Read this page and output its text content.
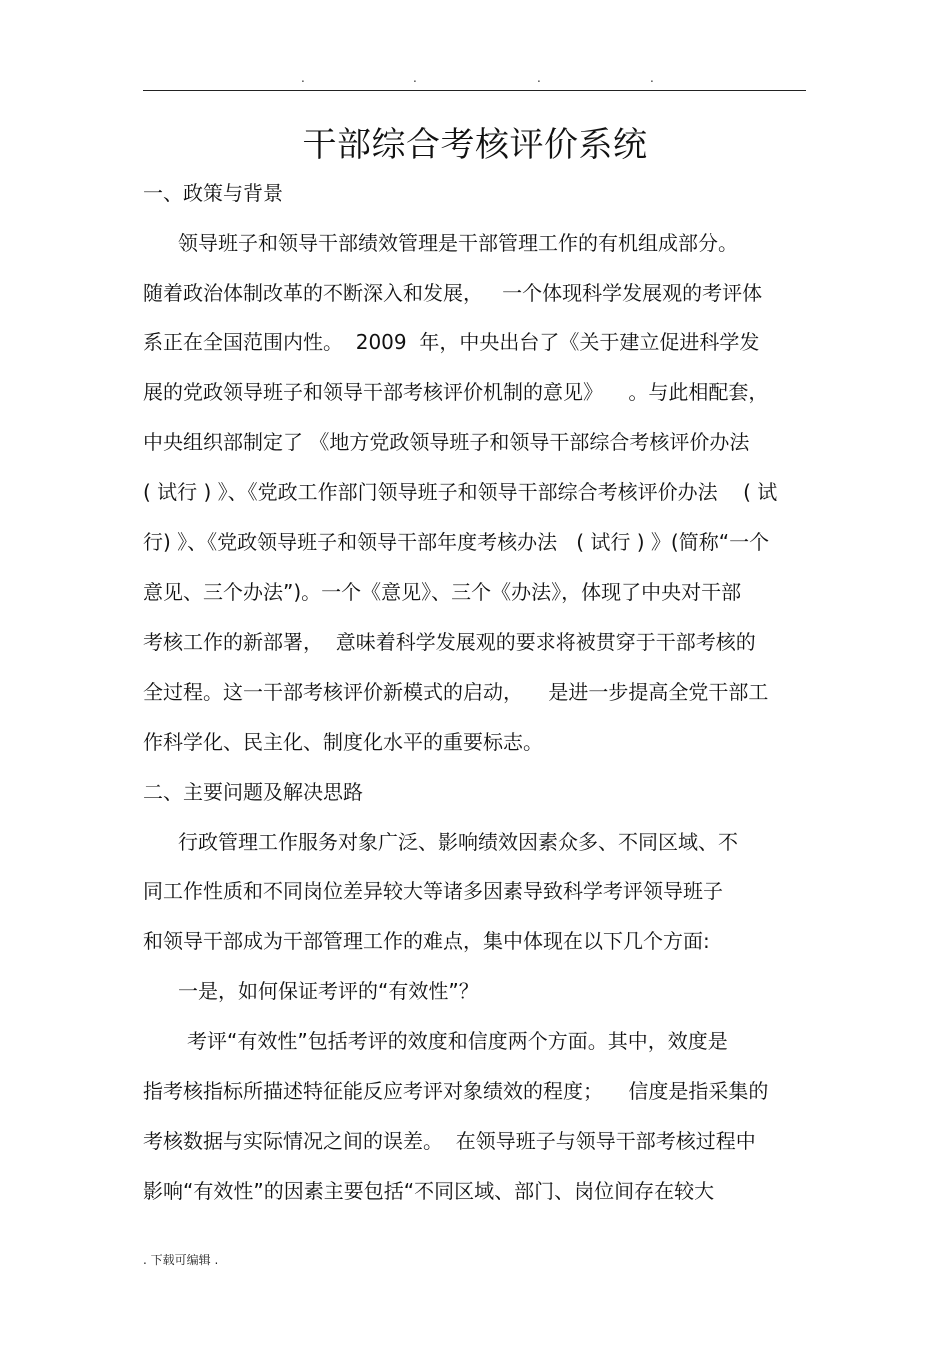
.	.	.	.
干部综合考核评价系统
一、政策与背景
领导班子和领导干部绩效管理是干部管理工作的有机组成部分。
随着政治体制改革的不断深入和发展，   一个体现科学发展观的考评体
系正在全国范围内性。  2009  年，中央出台了《关于建立促进科学发
展的党政领导班子和领导干部考核评价机制的意见》    。与此相配套，
中央组织部制定了 《地方党政领导班子和领导干部综合考核评价办法
( 试行 ) 》、《党政工作部门领导班子和领导干部综合考核评价办法    ( 试
行) 》、《党政领导班子和领导干部年度考核办法   ( 试行 ) 》(简称“一个
意见、三个办法”)。一个《意见》、三个《办法》，体现了中央对干部
考核工作的新部署，  意味着科学发展观的要求将被贯穿于干部考核的
全过程。这一干部考核评价新模式的启动，    是进一步提高全党干部工
作科学化、民主化、制度化水平的重要标志。
二、主要问题及解决思路
行政管理工作服务对象广泛、影响绩效因素众多、不同区域、不
同工作性质和不同岗位差异较大等诸多因素导致科学考评领导班子
和领导干部成为干部管理工作的难点，集中体现在以下几个方面:
一是，如何保证考评的“有效性”？
考评“有效性”包括考评的效度和信度两个方面。其中，效度是
指考核指标所描述特征能反应考评对象绩效的程度；    信度是指采集的
考核数据与实际情况之间的误差。  在领导班子与领导干部考核过程中
影响“有效性”的因素主要包括“不同区域、部门、岗位间存在较大
. 下载可编辑 .
